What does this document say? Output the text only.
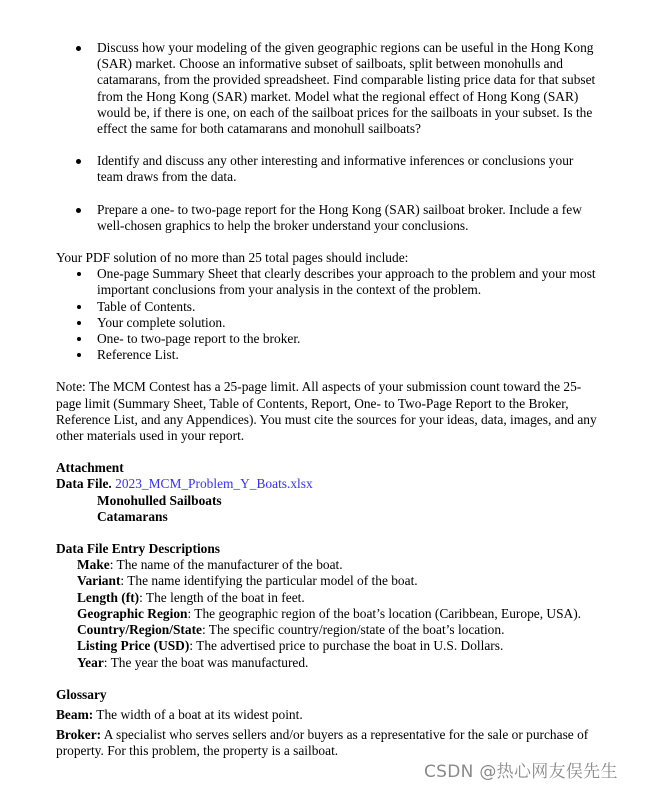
Discuss how your modeling of the given geographic regions can be useful in the Hong Kong (SAR) market. Choose an informative subset of sailboats, split between monohulls and catamarans, from the provided spreadsheet. Find comparable listing price data for that subset from the Hong Kong (SAR) market. Model what the regional effect of Hong Kong (SAR) would be, if there is one, on each of the sailboat prices for the sailboats in your subset. Is the effect the same for both catamarans and monohull sailboats?
Identify and discuss any other interesting and informative inferences or conclusions your team draws from the data.
Prepare a one- to two-page report for the Hong Kong (SAR) sailboat broker. Include a few well-chosen graphics to help the broker understand your conclusions.

Your PDF solution of no more than 25 total pages should include:

One-page Summary Sheet that clearly describes your approach to the problem and your most important conclusions from your analysis in the context of the problem.
Table of Contents.
Your complete solution.
One- to two-page report to the broker.
Reference List.

Note: The MCM Contest has a 25-page limit. All aspects of your submission count toward the 25-page limit (Summary Sheet, Table of Contents, Report, One- to Two-Page Report to the Broker, Reference List, and any Appendices). You must cite the sources for your ideas, data, images, and any other materials used in your report.

Attachment

Data File. 2023_MCM_Problem_Y_Boats.xlsx

Monohulled Sailboats

Catamarans

Data File Entry Descriptions

Make: The name of the manufacturer of the boat.

Variant: The name identifying the particular model of the boat.

Length (ft): The length of the boat in feet.

Geographic Region: The geographic region of the boat’s location (Caribbean, Europe, USA).

Country/Region/State: The specific country/region/state of the boat’s location.

Listing Price (USD): The advertised price to purchase the boat in U.S. Dollars.

Year: The year the boat was manufactured.

Glossary

Beam: The width of a boat at its widest point.

Broker: A specialist who serves sellers and/or buyers as a representative for the sale or purchase of property. For this problem, the property is a sailboat.

CSDN @热心网友俣先生
